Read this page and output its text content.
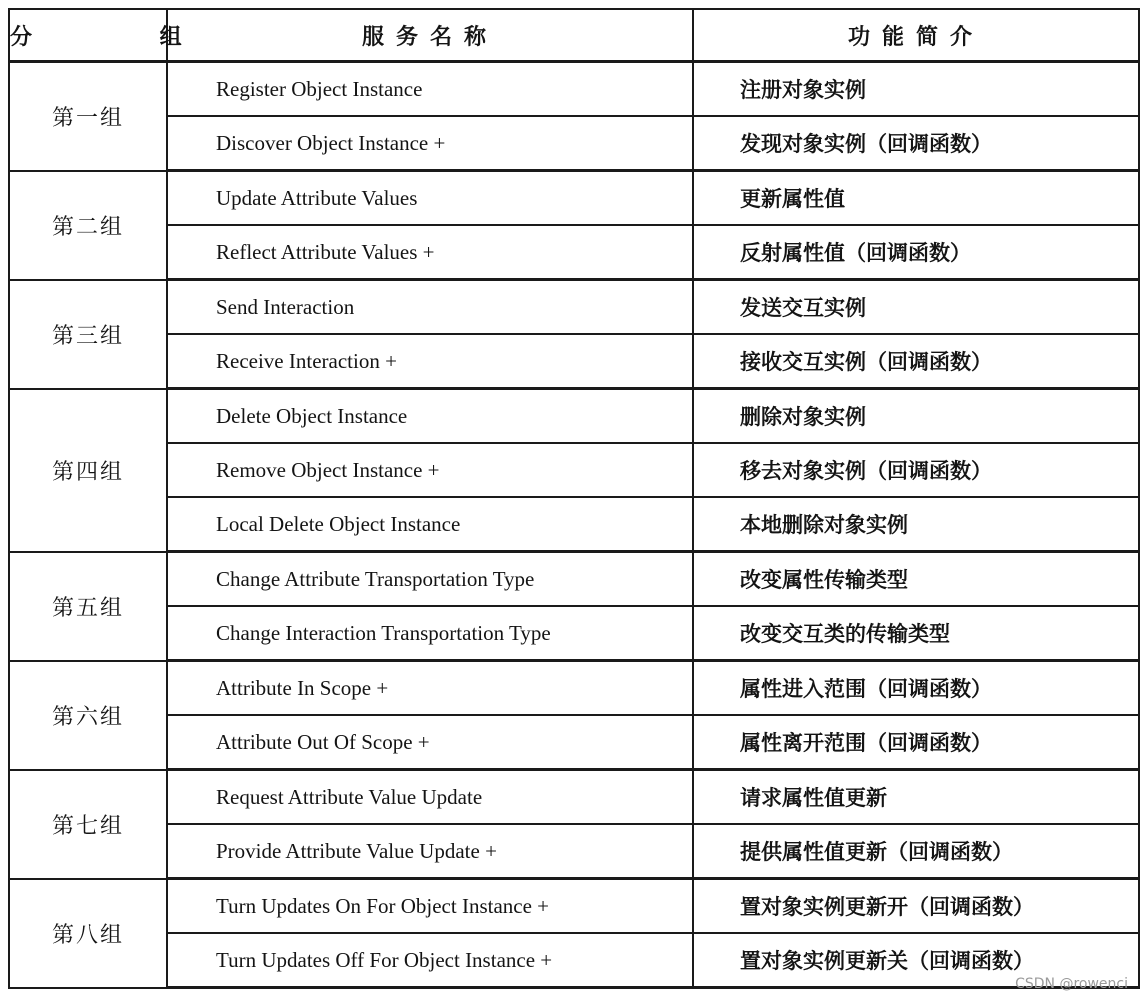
分 组	服务名称	功能简介
第一组	Register Object Instance	注册对象实例
	Discover Object Instance +	发现对象实例（回调函数）
第二组	Update Attribute Values	更新属性值
	Reflect Attribute Values +	反射属性值（回调函数）
第三组	Send Interaction	发送交互实例
	Receive Interaction +	接收交互实例（回调函数）
第四组	Delete Object Instance	删除对象实例
	Remove Object Instance +	移去对象实例（回调函数）
	Local Delete Object Instance	本地删除对象实例
第五组	Change Attribute Transportation Type	改变属性传输类型
	Change Interaction Transportation Type	改变交互类的传输类型
第六组	Attribute In Scope +	属性进入范围（回调函数）
	Attribute Out Of Scope +	属性离开范围（回调函数）
第七组	Request Attribute Value Update	请求属性值更新
	Provide Attribute Value Update +	提供属性值更新（回调函数）
第八组	Turn Updates On For Object Instance +	置对象实例更新开（回调函数）
	Turn Updates Off For Object Instance +	置对象实例更新关（回调函数）
CSDN @rowenci
